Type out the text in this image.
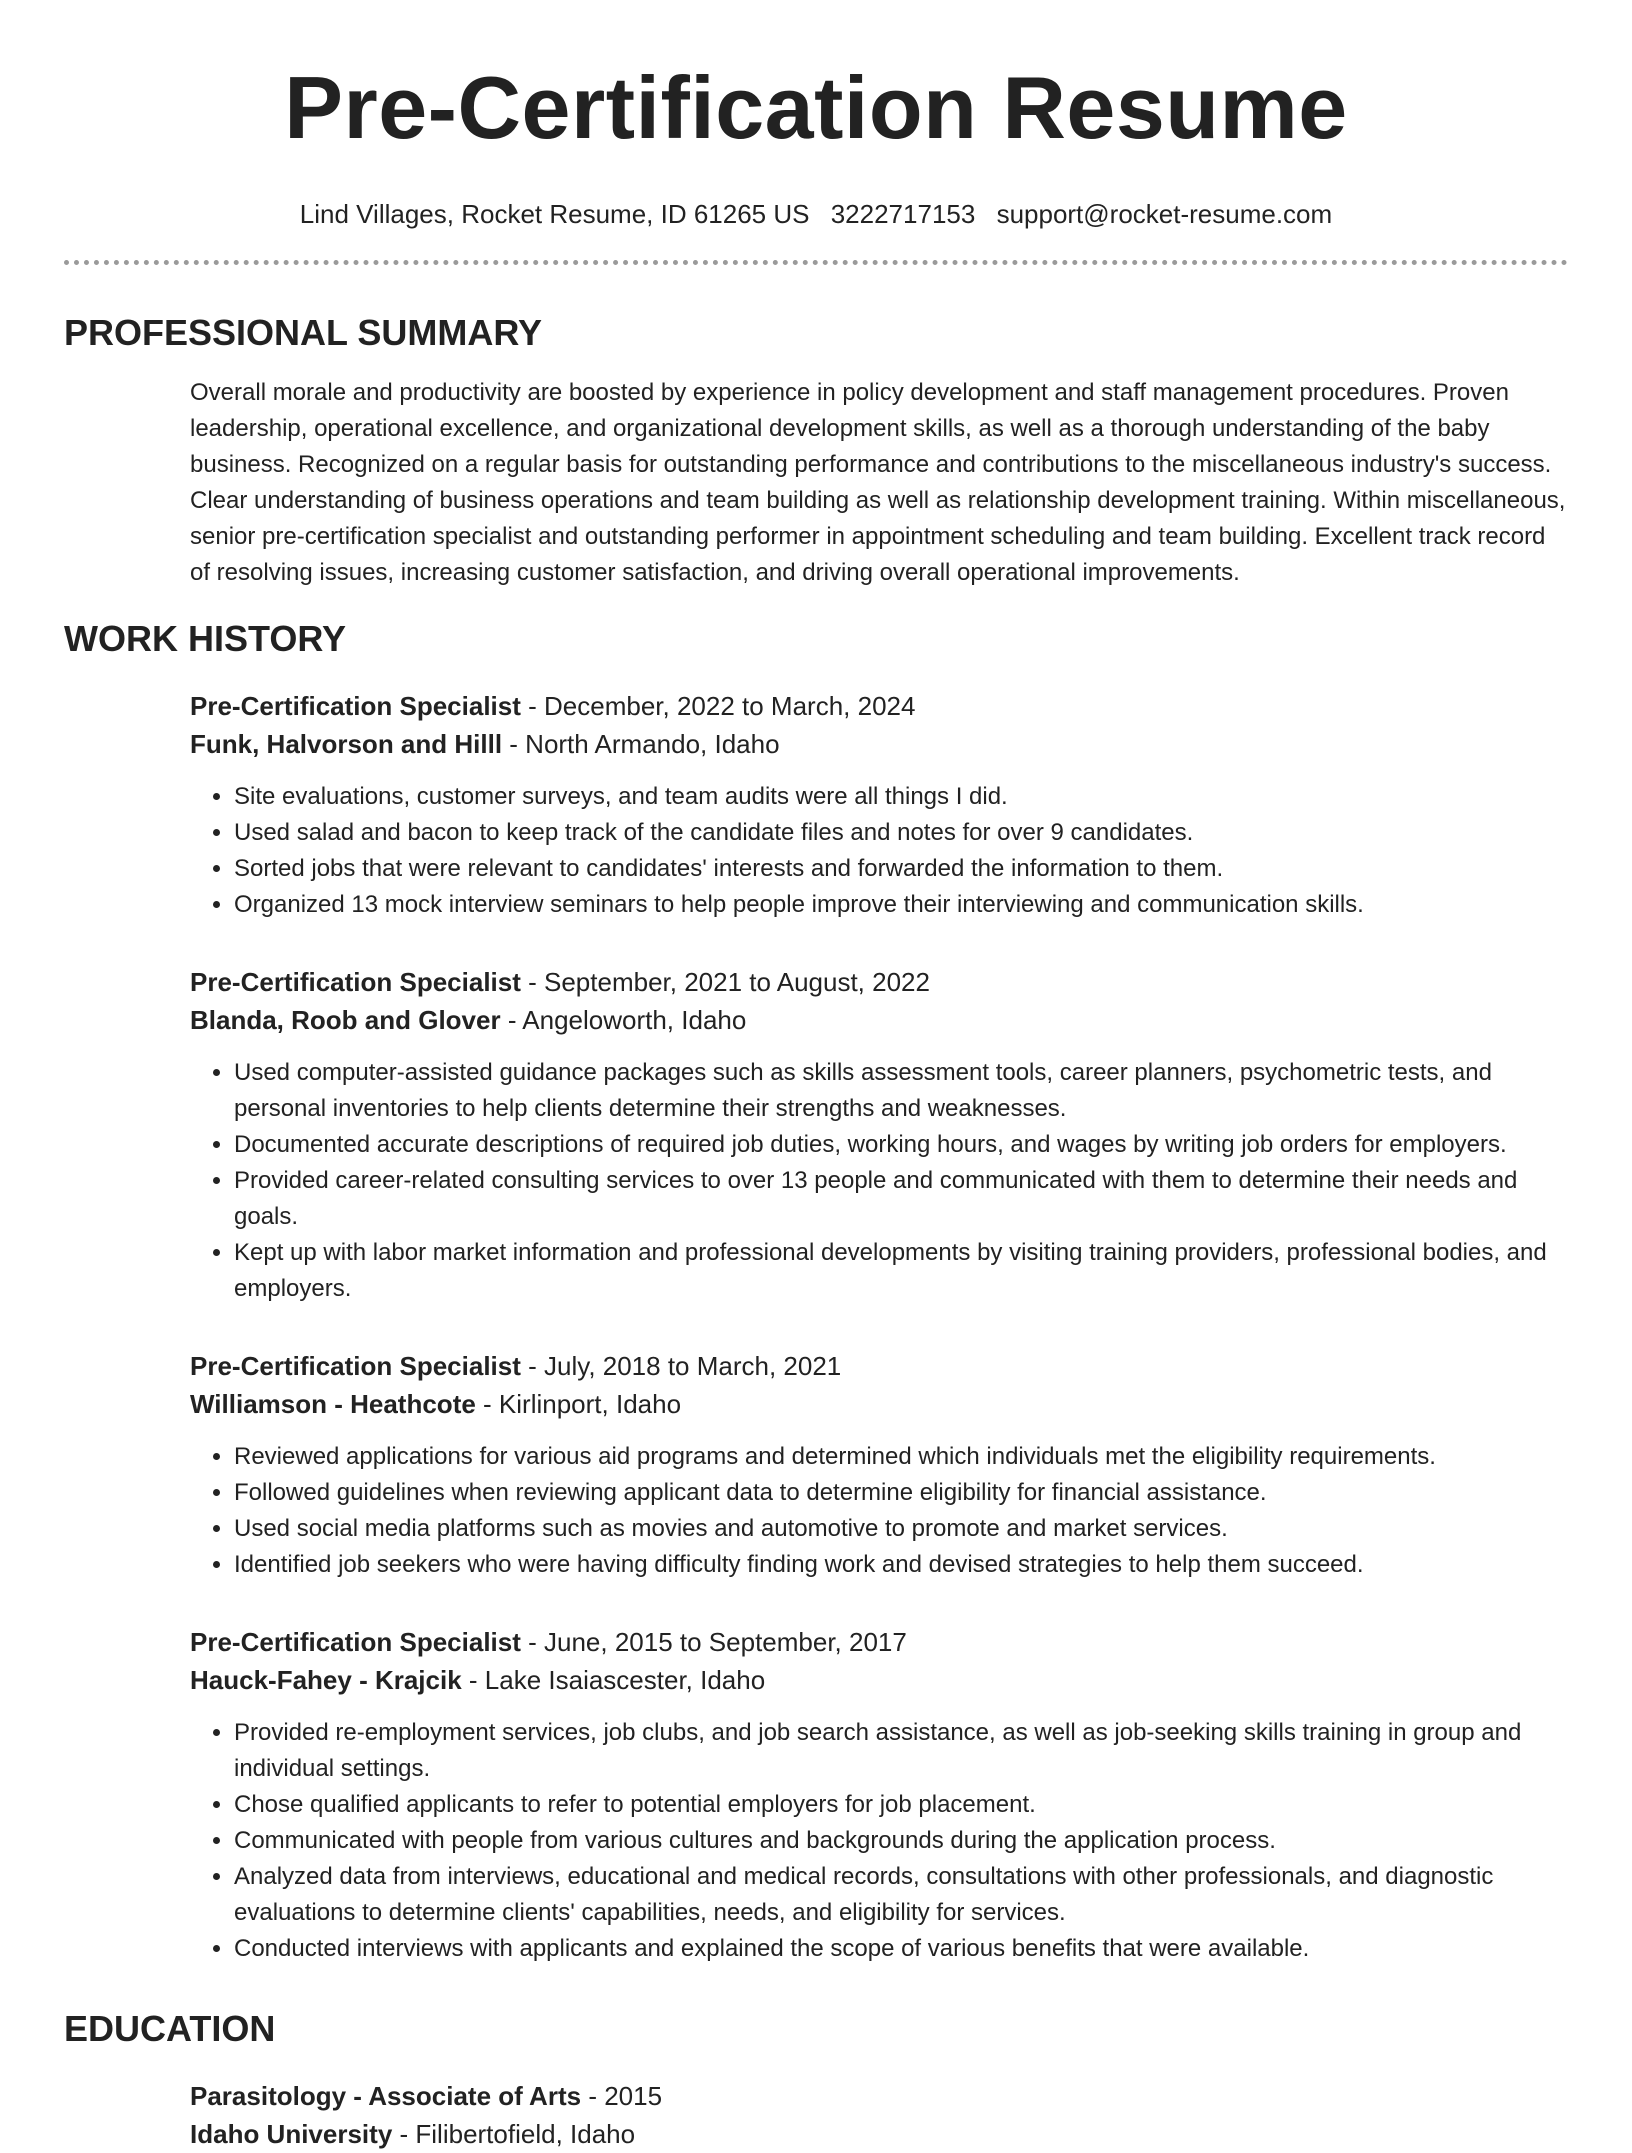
Pre-Certification Resume
Lind Villages, Rocket Resume, ID 61265 US 3222717153 support@rocket-resume.com
PROFESSIONAL SUMMARY

Overall morale and productivity are boosted by experience in policy development and staff management procedures. Proven leadership, operational excellence, and organizational development skills, as well as a thorough understanding of the baby business. Recognized on a regular basis for outstanding performance and contributions to the miscellaneous industry's success. Clear understanding of business operations and team building as well as relationship development training. Within miscellaneous, senior pre-certification specialist and outstanding performer in appointment scheduling and team building. Excellent track record of resolving issues, increasing customer satisfaction, and driving overall operational improvements.

WORK HISTORY
Pre-Certification Specialist - December, 2022 to March, 2024
Funk, Halvorson and Hilll - North Armando, Idaho
• Site evaluations, customer surveys, and team audits were all things I did.
• Used salad and bacon to keep track of the candidate files and notes for over 9 candidates.
• Sorted jobs that were relevant to candidates' interests and forwarded the information to them.
• Organized 13 mock interview seminars to help people improve their interviewing and communication skills.
Pre-Certification Specialist - September, 2021 to August, 2022
Blanda, Roob and Glover - Angeloworth, Idaho
• Used computer-assisted guidance packages such as skills assessment tools, career planners, psychometric tests, and personal inventories to help clients determine their strengths and weaknesses.
• Documented accurate descriptions of required job duties, working hours, and wages by writing job orders for employers.
• Provided career-related consulting services to over 13 people and communicated with them to determine their needs and goals.
• Kept up with labor market information and professional developments by visiting training providers, professional bodies, and employers.
Pre-Certification Specialist - July, 2018 to March, 2021
Williamson - Heathcote - Kirlinport, Idaho
• Reviewed applications for various aid programs and determined which individuals met the eligibility requirements.
• Followed guidelines when reviewing applicant data to determine eligibility for financial assistance.
• Used social media platforms such as movies and automotive to promote and market services.
• Identified job seekers who were having difficulty finding work and devised strategies to help them succeed.
Pre-Certification Specialist - June, 2015 to September, 2017
Hauck-Fahey - Krajcik - Lake Isaiascester, Idaho
• Provided re-employment services, job clubs, and job search assistance, as well as job-seeking skills training in group and individual settings.
• Chose qualified applicants to refer to potential employers for job placement.
• Communicated with people from various cultures and backgrounds during the application process.
• Analyzed data from interviews, educational and medical records, consultations with other professionals, and diagnostic evaluations to determine clients' capabilities, needs, and eligibility for services.
• Conducted interviews with applicants and explained the scope of various benefits that were available.
EDUCATION
Parasitology - Associate of Arts - 2015
Idaho University - Filibertofield, Idaho
